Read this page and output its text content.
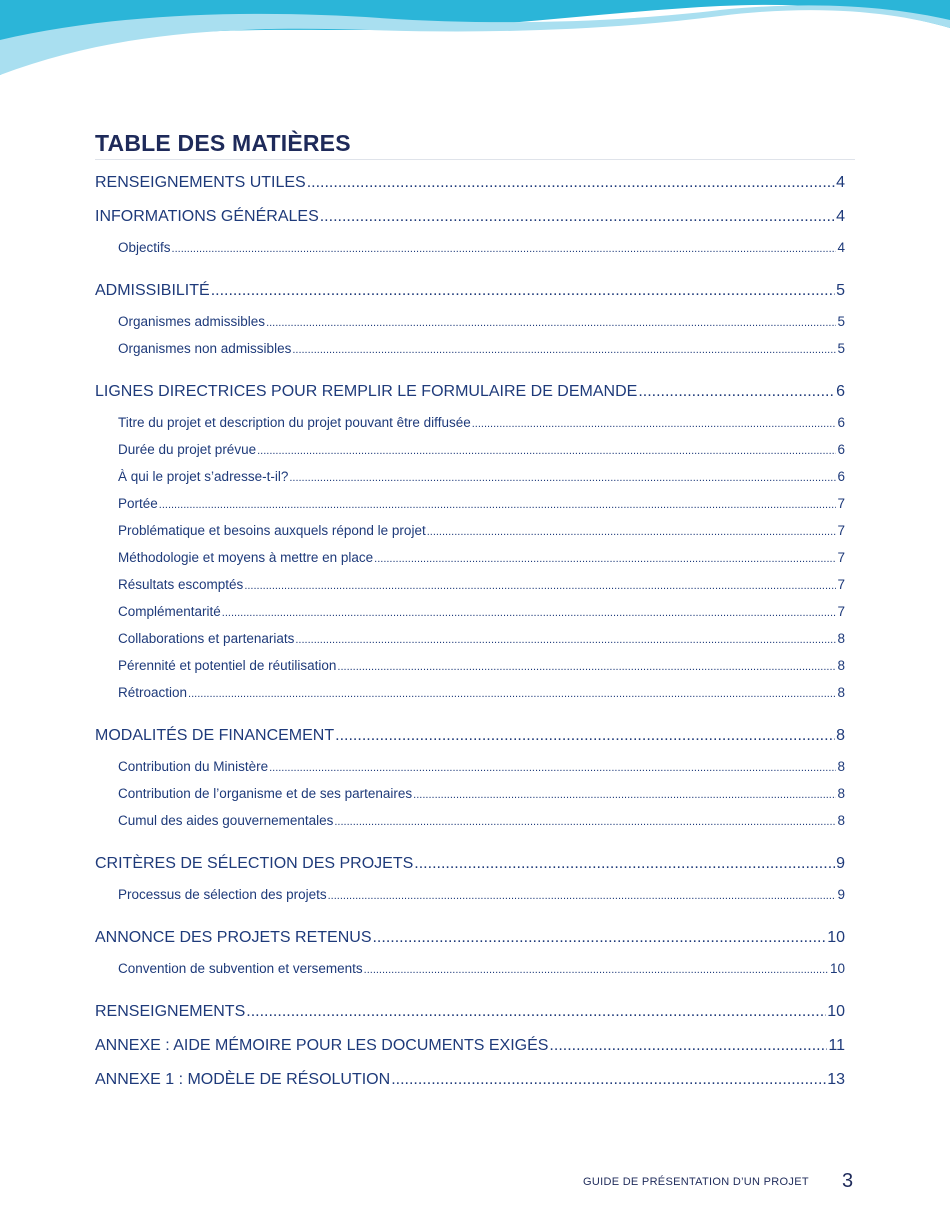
TABLE DES MATIÈRES
RENSEIGNEMENTS UTILES .....	4
INFORMATIONS GÉNÉRALES .....	4
Objectifs .....	4
ADMISSIBILITÉ .....	5
Organismes admissibles .....	5
Organismes non admissibles .....	5
LIGNES DIRECTRICES POUR REMPLIR LE FORMULAIRE DE DEMANDE .....	6
Titre du projet et description du projet pouvant être diffusée .....	6
Durée du projet prévue .....	6
À qui le projet s’adresse-t-il? .....	6
Portée .....	7
Problématique et besoins auxquels répond le projet .....	7
Méthodologie et moyens à mettre en place .....	7
Résultats escomptés .....	7
Complémentarité .....	7
Collaborations et partenariats .....	8
Pérennité et potentiel de réutilisation .....	8
Rétroaction .....	8
MODALITÉS DE FINANCEMENT .....	8
Contribution du Ministère .....	8
Contribution de l’organisme et de ses partenaires .....	8
Cumul des aides gouvernementales .....	8
CRITÈRES DE SÉLECTION DES PROJETS .....	9
Processus de sélection des projets .....	9
ANNONCE DES PROJETS RETENUS .....	10
Convention de subvention et versements .....	10
RENSEIGNEMENTS .....	10
ANNEXE : AIDE MÉMOIRE POUR LES DOCUMENTS EXIGÉS .....	11
ANNEXE 1 : MODÈLE DE RÉSOLUTION .....	13
GUIDE DE PRÉSENTATION D’UN PROJET 3
